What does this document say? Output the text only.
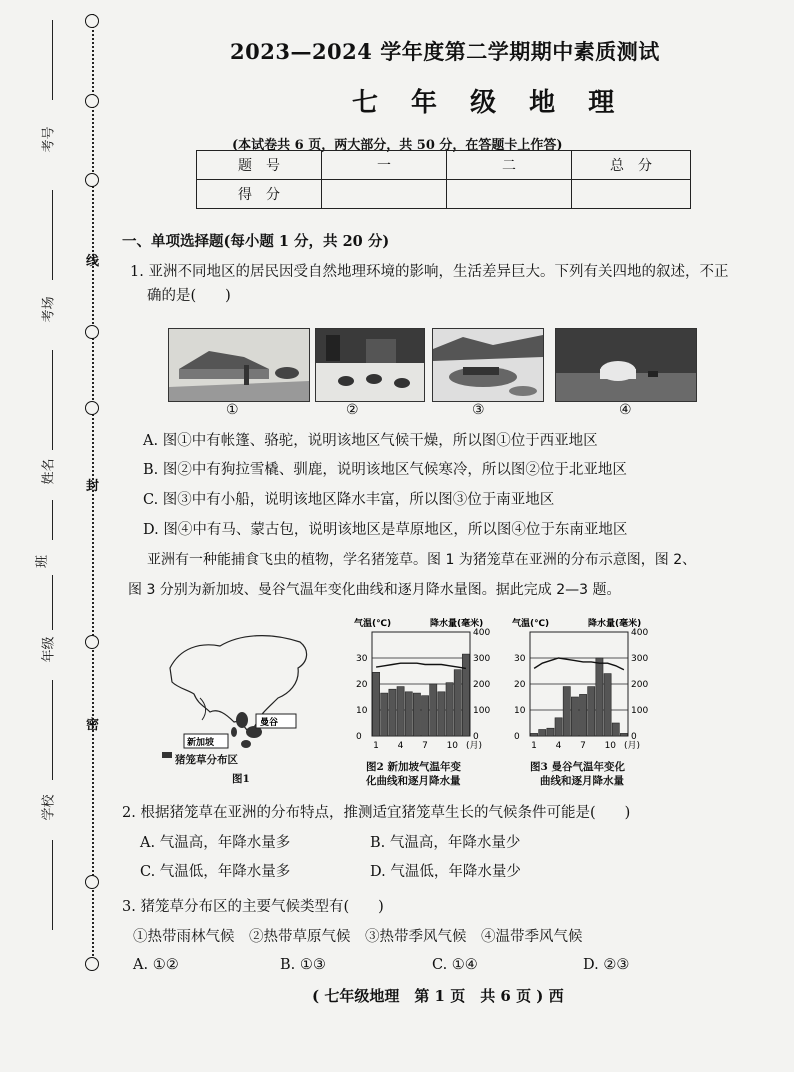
线
封
密
考号
考场
姓名
班
年级
学校
2023—2024 学年度第二学期期中素质测试
七 年 级 地 理
(本试卷共 6 页，两大部分，共 50 分，在答题卡上作答)
题　号	一	二	总　分
得　分			
一、单项选择题(每小题 1 分，共 20 分)
1. 亚洲不同地区的居民因受自然地理环境的影响，生活差异巨大。下列有关四地的叙述，不正
确的是(　　)
①	②	③	④
A. 图①中有帐篷、骆驼，说明该地区气候干燥，所以图①位于西亚地区
B. 图②中有狗拉雪橇、驯鹿，说明该地区气候寒冷，所以图②位于北亚地区
C. 图③中有小船，说明该地区降水丰富，所以图③位于南亚地区
D. 图④中有马、蒙古包，说明该地区是草原地区，所以图④位于东南亚地区
亚洲有一种能捕食飞虫的植物，学名猪笼草。图 1 为猪笼草在亚洲的分布示意图，图 2、
图 3 分别为新加坡、曼谷气温年变化曲线和逐月降水量图。据此完成 2—3 题。
曼谷
新加坡
猪笼草分布区
图1
气温(℃)	降水量(毫米)
400
300
200
100
0
30
20
10
0
1 4 7 10 (月)
图2 新加坡气温年变
化曲线和逐月降水量
气温(℃)	降水量(毫米)
400
300
200
100
0
30
20
10
0
1 4 7 10 (月)
图3 曼谷气温年变化
曲线和逐月降水量
2. 根据猪笼草在亚洲的分布特点，推测适宜猪笼草生长的气候条件可能是(　　)
A. 气温高，年降水量多	B. 气温高，年降水量少
C. 气温低，年降水量多	D. 气温低，年降水量少
3. 猪笼草分布区的主要气候类型有(　　)
①热带雨林气候　②热带草原气候　③热带季风气候　④温带季风气候
A. ①②	B. ①③	C. ①④	D. ②③
( 七年级地理　第 1 页　共 6 页 ) 西
